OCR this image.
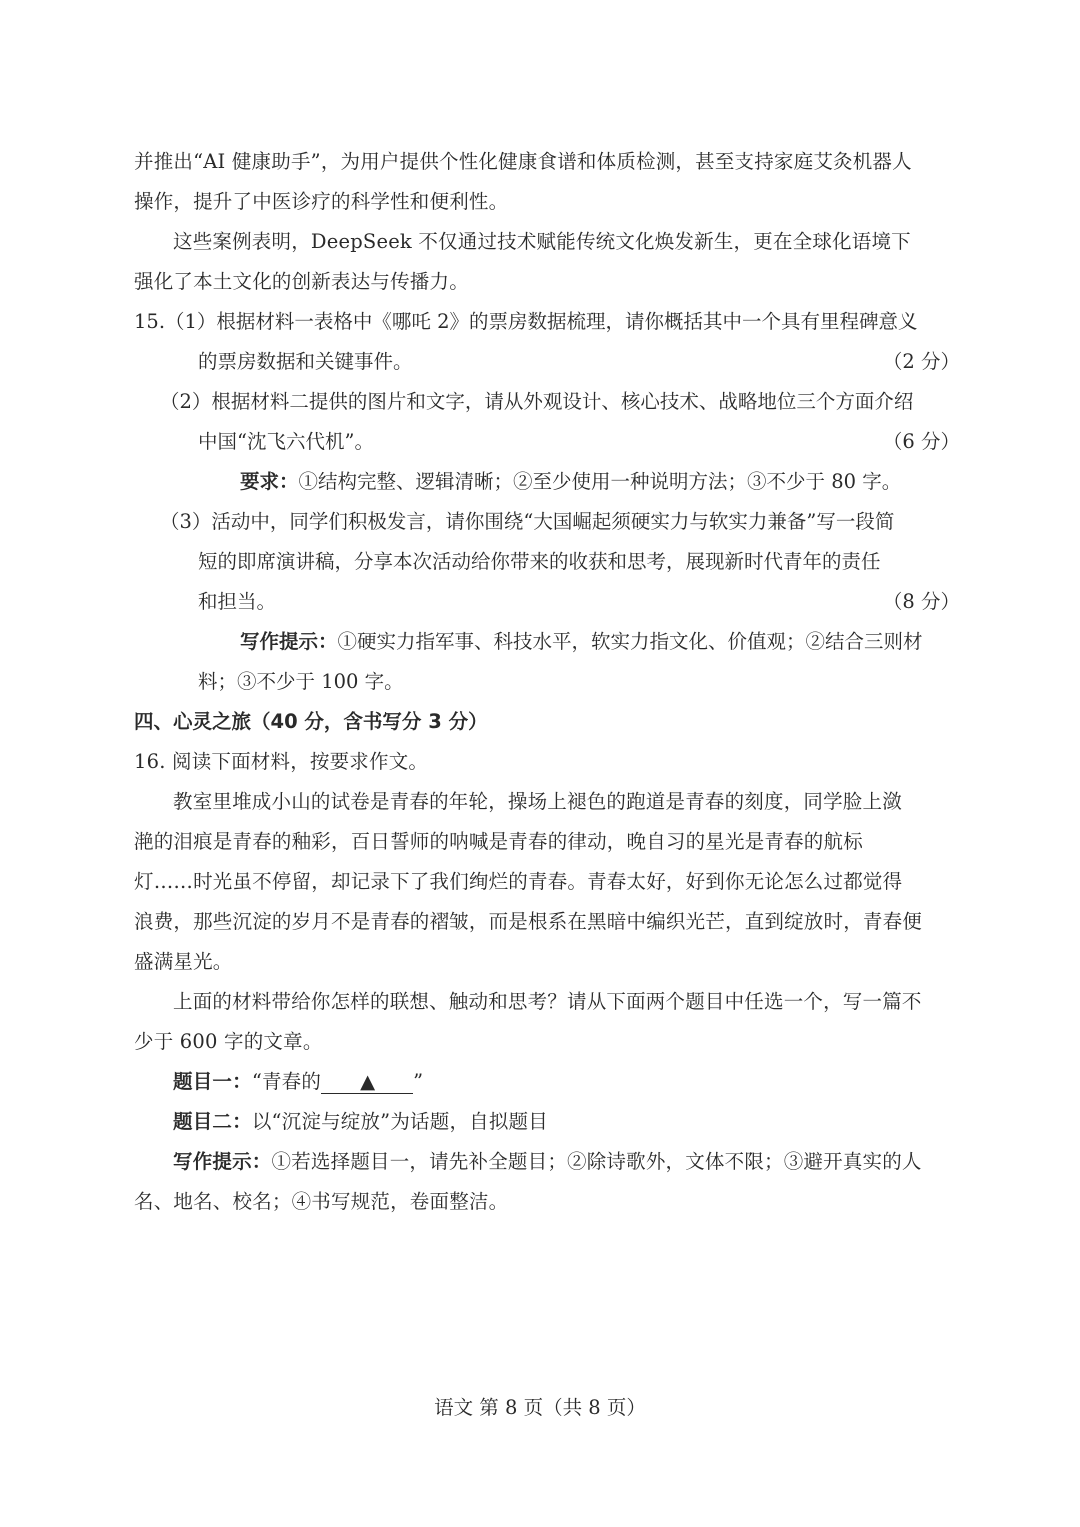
并推出“AI 健康助手”，为用户提供个性化健康食谱和体质检测，甚至支持家庭艾灸机器人

操作，提升了中医诊疗的科学性和便利性。

这些案例表明，DeepSeek 不仅通过技术赋能传统文化焕发新生，更在全球化语境下

强化了本土文化的创新表达与传播力。

15.（1）根据材料一表格中《哪吒 2》的票房数据梳理，请你概括其中一个具有里程碑意义

的票房数据和关键事件。	（2 分）

（2）根据材料二提供的图片和文字，请从外观设计、核心技术、战略地位三个方面介绍

中国“沈飞六代机”。	（6 分）

要求：①结构完整、逻辑清晰；②至少使用一种说明方法；③不少于 80 字。

（3）活动中，同学们积极发言，请你围绕“大国崛起须硬实力与软实力兼备”写一段简

短的即席演讲稿，分享本次活动给你带来的收获和思考，展现新时代青年的责任

和担当。	（8 分）

写作提示：①硬实力指军事、科技水平，软实力指文化、价值观；②结合三则材

料；③不少于 100 字。

四、心灵之旅（40 分，含书写分 3 分）

16. 阅读下面材料，按要求作文。

教室里堆成小山的试卷是青春的年轮，操场上褪色的跑道是青春的刻度，同学脸上潋

滟的泪痕是青春的釉彩，百日誓师的呐喊是青春的律动，晚自习的星光是青春的航标

灯……时光虽不停留，却记录下了我们绚烂的青春。青春太好，好到你无论怎么过都觉得

浪费，那些沉淀的岁月不是青春的褶皱，而是根系在黑暗中编织光芒，直到绽放时，青春便

盛满星光。

上面的材料带给你怎样的联想、触动和思考？请从下面两个题目中任选一个，写一篇不

少于 600 字的文章。

题目一：“青春的 ▲ ”

题目二：以“沉淀与绽放”为话题，自拟题目

写作提示：①若选择题目一，请先补全题目；②除诗歌外，文体不限；③避开真实的人

名、地名、校名；④书写规范，卷面整洁。

语文 第 8 页（共 8 页）
